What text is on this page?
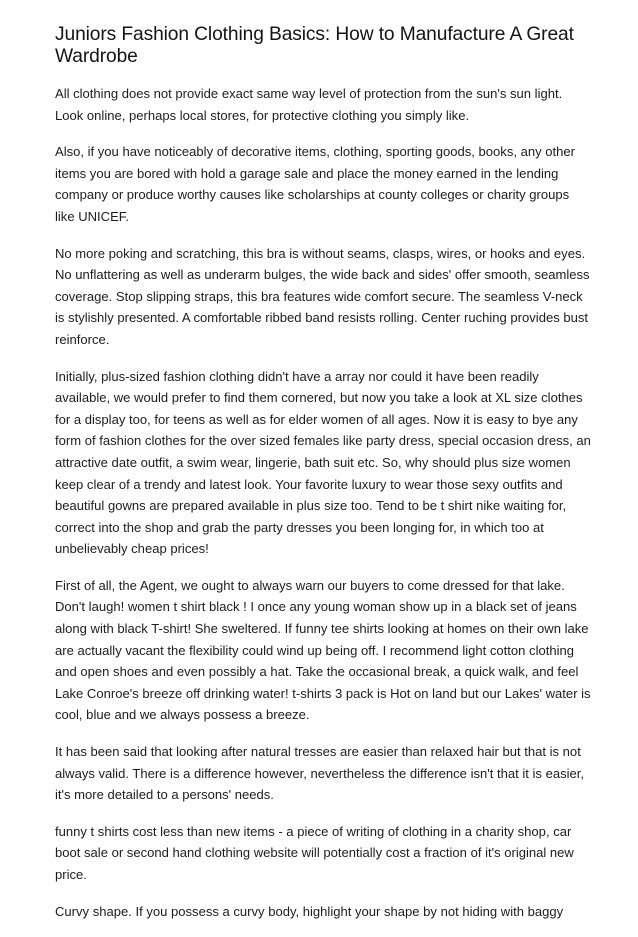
Juniors Fashion Clothing Basics: How to Manufacture A Great Wardrobe

All clothing does not provide exact same way level of protection from the sun's sun light. Look online, perhaps local stores, for protective clothing you simply like.

Also, if you have noticeably of decorative items, clothing, sporting goods, books, any other items you are bored with hold a garage sale and place the money earned in the lending company or produce worthy causes like scholarships at county colleges or charity groups like UNICEF.

No more poking and scratching, this bra is without seams, clasps, wires, or hooks and eyes. No unflattering as well as underarm bulges, the wide back and sides' offer smooth, seamless coverage. Stop slipping straps, this bra features wide comfort secure. The seamless V-neck is stylishly presented. A comfortable ribbed band resists rolling. Center ruching provides bust reinforce.

Initially, plus-sized fashion clothing didn't have a array nor could it have been readily available, we would prefer to find them cornered, but now you take a look at XL size clothes for a display too, for teens as well as for elder women of all ages. Now it is easy to bye any form of fashion clothes for the over sized females like party dress, special occasion dress, an attractive date outfit, a swim wear, lingerie, bath suit etc. So, why should plus size women keep clear of a trendy and latest look. Your favorite luxury to wear those sexy outfits and beautiful gowns are prepared available in plus size too. Tend to be t shirt nike waiting for, correct into the shop and grab the party dresses you been longing for, in which too at unbelievably cheap prices!

First of all, the Agent, we ought to always warn our buyers to come dressed for that lake. Don't laugh! women t shirt black ! I once any young woman show up in a black set of jeans along with black T-shirt! She sweltered. If funny tee shirts looking at homes on their own lake are actually vacant the flexibility could wind up being off. I recommend light cotton clothing and open shoes and even possibly a hat. Take the occasional break, a quick walk, and feel Lake Conroe's breeze off drinking water! t-shirts 3 pack is Hot on land but our Lakes' water is cool, blue and we always possess a breeze.

It has been said that looking after natural tresses are easier than relaxed hair but that is not always valid. There is a difference however, nevertheless the difference isn't that it is easier, it's more detailed to a persons' needs.

funny t shirts cost less than new items - a piece of writing of clothing in a charity shop, car boot sale or second hand clothing website will potentially cost a fraction of it's original new price.

Curvy shape. If you possess a curvy body, highlight your shape by not hiding with baggy
